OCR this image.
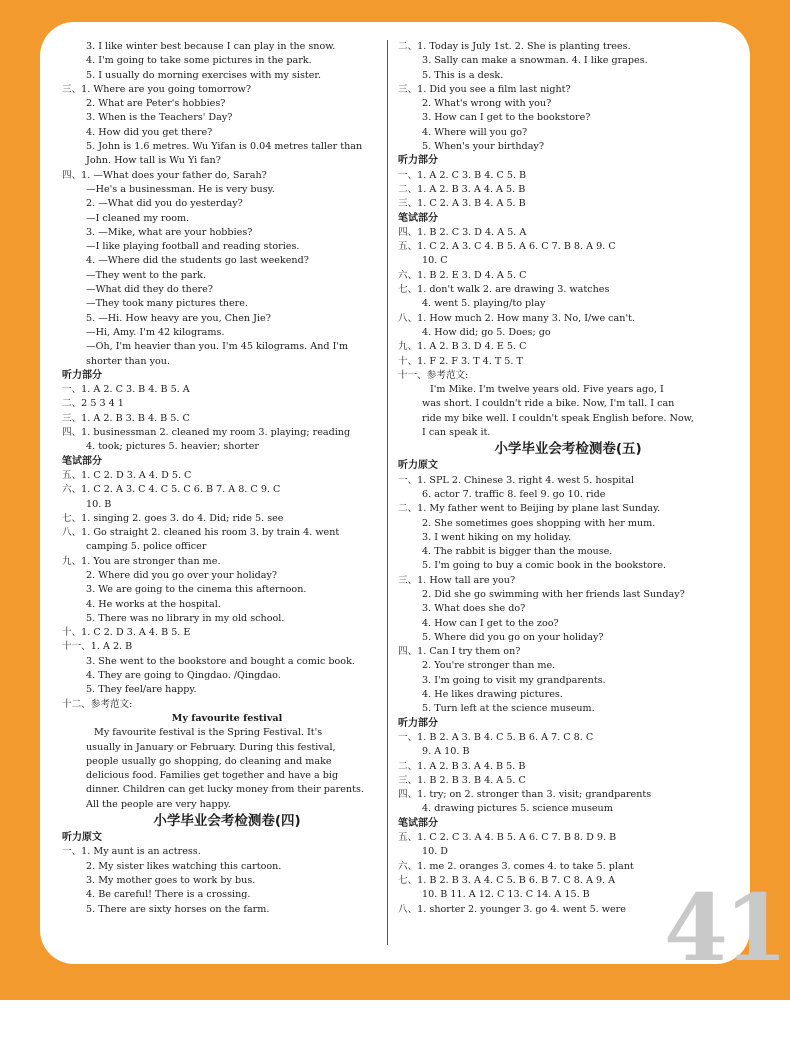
3. I like winter best because I can play in the snow.
4. I'm going to take some pictures in the park.
5. I usually do morning exercises with my sister.
三、1. Where are you going tomorrow?
2. What are Peter's hobbies?
3. When is the Teachers' Day?
4. How did you get there?
5. John is 1.6 metres. Wu Yifan is 0.04 metres taller than
John. How tall is Wu Yi fan?
四、1. —What does your father do, Sarah?
—He's a businessman. He is very busy.
2. —What did you do yesterday?
—I cleaned my room.
3. —Mike, what are your hobbies?
—I like playing football and reading stories.
4. —Where did the students go last weekend?
—They went to the park.
—What did they do there?
—They took many pictures there.
5. —Hi. How heavy are you, Chen Jie?
—Hi, Amy. I'm 42 kilograms.
—Oh, I'm heavier than you. I'm 45 kilograms. And I'm
shorter than you.
听力部分
一、1. A 2. C 3. B 4. B 5. A
二、2 5 3 4 1
三、1. A 2. B 3. B 4. B 5. C
四、1. businessman 2. cleaned my room 3. playing; reading
4. took; pictures 5. heavier; shorter
笔试部分
五、1. C 2. D 3. A 4. D 5. C
六、1. C 2. A 3. C 4. C 5. C 6. B 7. A 8. C 9. C
10. B
七、1. singing 2. goes 3. do 4. Did; ride 5. see
八、1. Go straight 2. cleaned his room 3. by train 4. went
camping 5. police officer
九、1. You are stronger than me.
2. Where did you go over your holiday?
3. We are going to the cinema this afternoon.
4. He works at the hospital.
5. There was no library in my old school.
十、1. C 2. D 3. A 4. B 5. E
十一、1. A 2. B
3. She went to the bookstore and bought a comic book.
4. They are going to Qingdao. /Qingdao.
5. They feel/are happy.
十二、参考范文:
My favourite festival
My favourite festival is the Spring Festival. It's
usually in January or February. During this festival,
people usually go shopping, do cleaning and make
delicious food. Families get together and have a big
dinner. Children can get lucky money from their parents.
All the people are very happy.
小学毕业会考检测卷(四)
听力原文
一、1. My aunt is an actress.
2. My sister likes watching this cartoon.
3. My mother goes to work by bus.
4. Be careful! There is a crossing.
5. There are sixty horses on the farm.
二、1. Today is July 1st. 2. She is planting trees.
3. Sally can make a snowman. 4. I like grapes.
5. This is a desk.
三、1. Did you see a film last night?
2. What's wrong with you?
3. How can I get to the bookstore?
4. Where will you go?
5. When's your birthday?
听力部分
一、1. A 2. C 3. B 4. C 5. B
二、1. A 2. B 3. A 4. A 5. B
三、1. C 2. A 3. B 4. A 5. B
笔试部分
四、1. B 2. C 3. D 4. A 5. A
五、1. C 2. A 3. C 4. B 5. A 6. C 7. B 8. A 9. C
10. C
六、1. B 2. E 3. D 4. A 5. C
七、1. don't walk 2. are drawing 3. watches
4. went 5. playing/to play
八、1. How much 2. How many 3. No, I/we can't.
4. How did; go 5. Does; go
九、1. A 2. B 3. D 4. E 5. C
十、1. F 2. F 3. T 4. T 5. T
十一、参考范文:
I'm Mike. I'm twelve years old. Five years ago, I
was short. I couldn't ride a bike. Now, I'm tall. I can
ride my bike well. I couldn't speak English before. Now,
I can speak it.
小学毕业会考检测卷(五)
听力原文
一、1. SPL 2. Chinese 3. right 4. west 5. hospital
6. actor 7. traffic 8. feel 9. go 10. ride
二、1. My father went to Beijing by plane last Sunday.
2. She sometimes goes shopping with her mum.
3. I went hiking on my holiday.
4. The rabbit is bigger than the mouse.
5. I'm going to buy a comic book in the bookstore.
三、1. How tall are you?
2. Did she go swimming with her friends last Sunday?
3. What does she do?
4. How can I get to the zoo?
5. Where did you go on your holiday?
四、1. Can I try them on?
2. You're stronger than me.
3. I'm going to visit my grandparents.
4. He likes drawing pictures.
5. Turn left at the science museum.
听力部分
一、1. B 2. A 3. B 4. C 5. B 6. A 7. C 8. C
9. A 10. B
二、1. A 2. B 3. A 4. B 5. B
三、1. B 2. B 3. B 4. A 5. C
四、1. try; on 2. stronger than 3. visit; grandparents
4. drawing pictures 5. science museum
笔试部分
五、1. C 2. C 3. A 4. B 5. A 6. C 7. B 8. D 9. B
10. D
六、1. me 2. oranges 3. comes 4. to take 5. plant
七、1. B 2. B 3. A 4. C 5. B 6. B 7. C 8. A 9. A
10. B 11. A 12. C 13. C 14. A 15. B
八、1. shorter 2. younger 3. go 4. went 5. were 41
